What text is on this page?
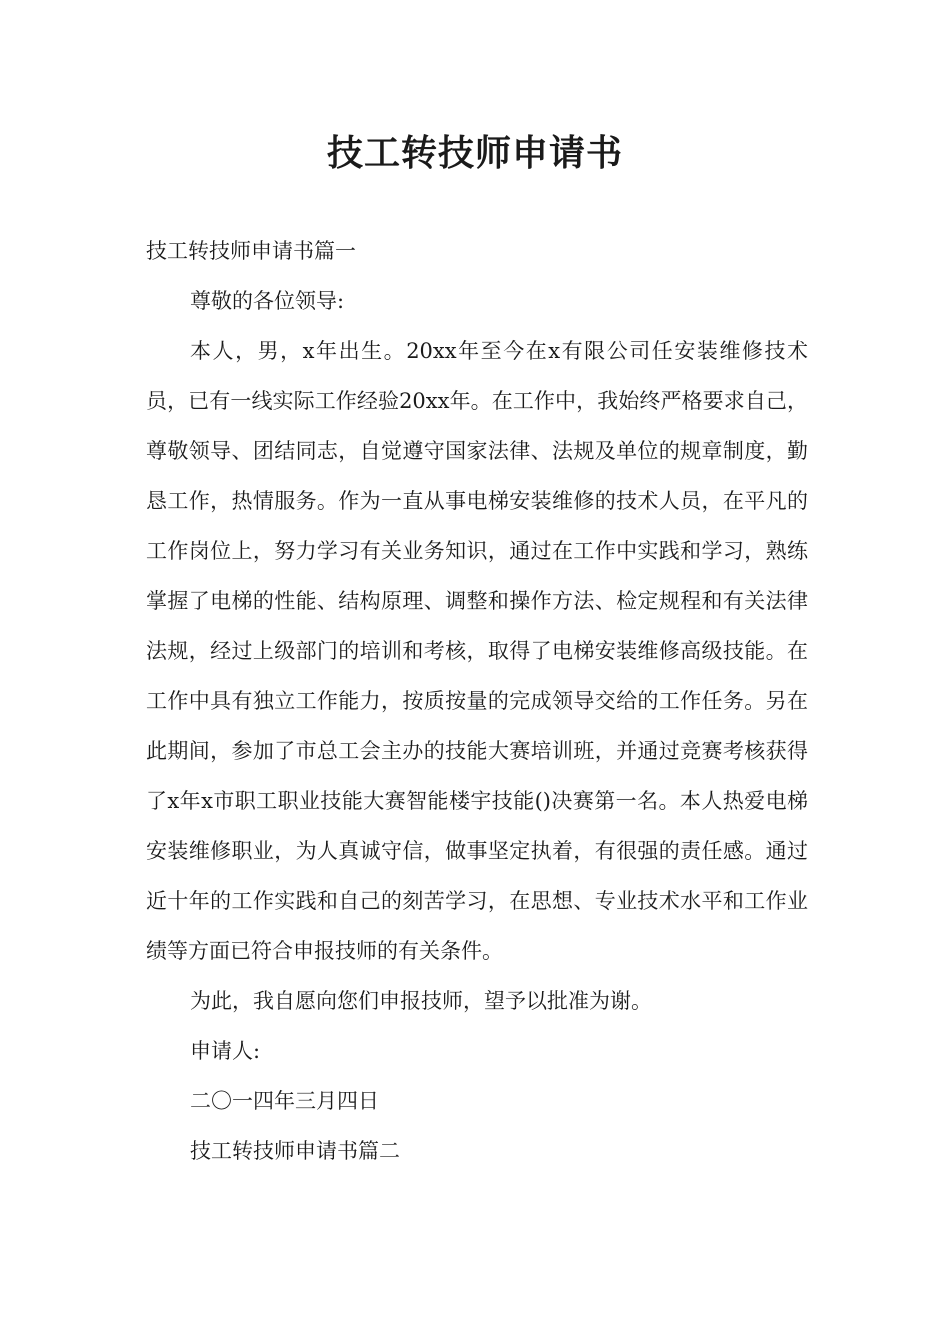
技工转技师申请书

技工转技师申请书篇一

尊敬的各位领导:

本人，男，x年出生。20xx年至今在x有限公司任安装维修技术员，已有一线实际工作经验20xx年。在工作中，我始终严格要求自己，尊敬领导、团结同志，自觉遵守国家法律、法规及单位的规章制度，勤恳工作，热情服务。作为一直从事电梯安装维修的技术人员，在平凡的工作岗位上，努力学习有关业务知识，通过在工作中实践和学习，熟练掌握了电梯的性能、结构原理、调整和操作方法、检定规程和有关法律法规，经过上级部门的培训和考核，取得了电梯安装维修高级技能。在工作中具有独立工作能力，按质按量的完成领导交给的工作任务。另在此期间，参加了市总工会主办的技能大赛培训班，并通过竞赛考核获得了x年x市职工职业技能大赛智能楼宇技能()决赛第一名。本人热爱电梯安装维修职业，为人真诚守信，做事坚定执着，有很强的责任感。通过近十年的工作实践和自己的刻苦学习，在思想、专业技术水平和工作业绩等方面已符合申报技师的有关条件。

为此，我自愿向您们申报技师，望予以批准为谢。

申请人:

二〇一四年三月四日

技工转技师申请书篇二
